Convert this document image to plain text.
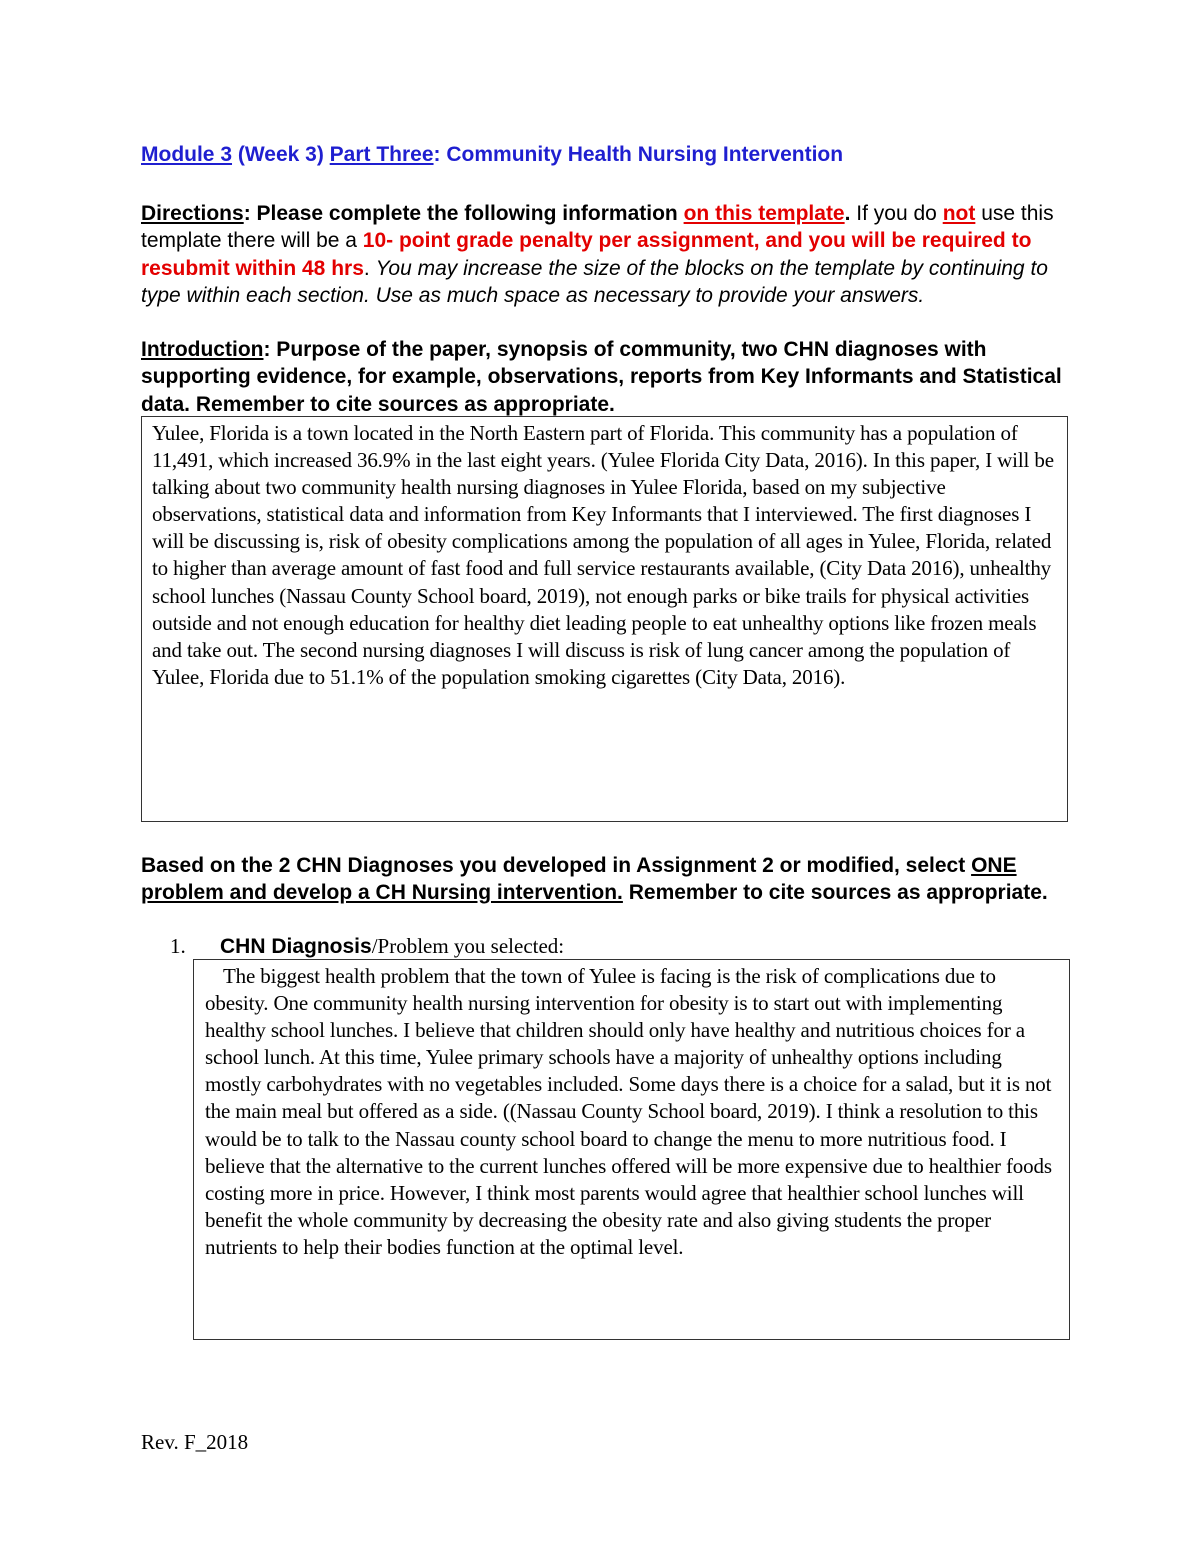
Module 3 (Week 3) Part Three: Community Health Nursing Intervention
Directions: Please complete the following information on this template. If you do not use this template there will be a 10- point grade penalty per assignment, and you will be required to resubmit within 48 hrs. You may increase the size of the blocks on the template by continuing to type within each section. Use as much space as necessary to provide your answers.
Introduction: Purpose of the paper, synopsis of community, two CHN diagnoses with supporting evidence, for example, observations, reports from Key Informants and Statistical data. Remember to cite sources as appropriate.

Yulee, Florida is a town located in the North Eastern part of Florida. This community has a population of 11,491, which increased 36.9% in the last eight years. (Yulee Florida City Data, 2016). In this paper, I will be talking about two community health nursing diagnoses in Yulee Florida, based on my subjective observations, statistical data and information from Key Informants that I interviewed. The first diagnoses I will be discussing is, risk of obesity complications among the population of all ages in Yulee, Florida, related to higher than average amount of fast food and full service restaurants available, (City Data 2016), unhealthy school lunches (Nassau County School board, 2019), not enough parks or bike trails for physical activities outside and not enough education for healthy diet leading people to eat unhealthy options like frozen meals and take out. The second nursing diagnoses I will discuss is risk of lung cancer among the population of Yulee, Florida due to 51.1% of the population smoking cigarettes (City Data, 2016).

Based on the 2 CHN Diagnoses you developed in Assignment 2 or modified, select ONE problem and develop a CH Nursing intervention. Remember to cite sources as appropriate.
1. CHN Diagnosis/Problem you selected:

The biggest health problem that the town of Yulee is facing is the risk of complications due to obesity. One community health nursing intervention for obesity is to start out with implementing healthy school lunches. I believe that children should only have healthy and nutritious choices for a school lunch. At this time, Yulee primary schools have a majority of unhealthy options including mostly carbohydrates with no vegetables included. Some days there is a choice for a salad, but it is not the main meal but offered as a side. ((Nassau County School board, 2019). I think a resolution to this would be to talk to the Nassau county school board to change the menu to more nutritious food. I believe that the alternative to the current lunches offered will be more expensive due to healthier foods costing more in price. However, I think most parents would agree that healthier school lunches will benefit the whole community by decreasing the obesity rate and also giving students the proper nutrients to help their bodies function at the optimal level.

Rev. F_2018
